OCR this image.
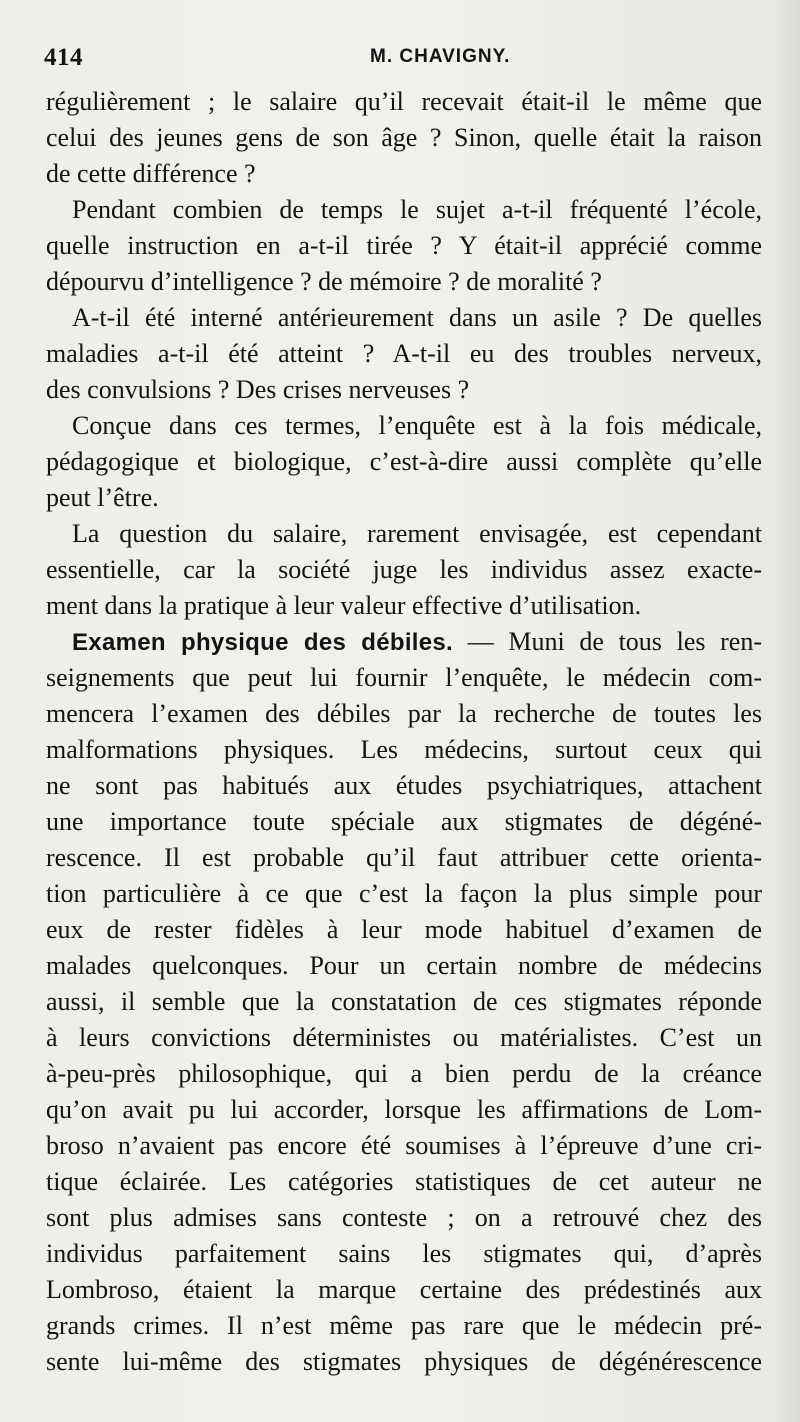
414	M. CHAVIGNY.
régulièrement ; le salaire qu’il recevait était-il le même que
celui des jeunes gens de son âge ? Sinon, quelle était la raison
de cette différence ?
Pendant combien de temps le sujet a-t-il fréquenté l’école,
quelle instruction en a-t-il tirée ? Y était-il apprécié comme
dépourvu d’intelligence ? de mémoire ? de moralité ?
A-t-il été interné antérieurement dans un asile ? De quelles
maladies a-t-il été atteint ? A-t-il eu des troubles nerveux,
des convulsions ? Des crises nerveuses ?
Conçue dans ces termes, l’enquête est à la fois médicale,
pédagogique et biologique, c’est-à-dire aussi complète qu’elle
peut l’être.
La question du salaire, rarement envisagée, est cependant
essentielle, car la société juge les individus assez exacte-
ment dans la pratique à leur valeur effective d’utilisation.
Examen physique des débiles. — Muni de tous les ren-
seignements que peut lui fournir l’enquête, le médecin com-
mencera l’examen des débiles par la recherche de toutes les
malformations physiques. Les médecins, surtout ceux qui
ne sont pas habitués aux études psychiatriques, attachent
une importance toute spéciale aux stigmates de dégéné-
rescence. Il est probable qu’il faut attribuer cette orienta-
tion particulière à ce que c’est la façon la plus simple pour
eux de rester fidèles à leur mode habituel d’examen de
malades quelconques. Pour un certain nombre de médecins
aussi, il semble que la constatation de ces stigmates réponde
à leurs convictions déterministes ou matérialistes. C’est un
à-peu-près philosophique, qui a bien perdu de la créance
qu’on avait pu lui accorder, lorsque les affirmations de Lom-
broso n’avaient pas encore été soumises à l’épreuve d’une cri-
tique éclairée. Les catégories statistiques de cet auteur ne
sont plus admises sans conteste ; on a retrouvé chez des
individus parfaitement sains les stigmates qui, d’après
Lombroso, étaient la marque certaine des prédestinés aux
grands crimes. Il n’est même pas rare que le médecin pré-
sente lui-même des stigmates physiques de dégénérescence
